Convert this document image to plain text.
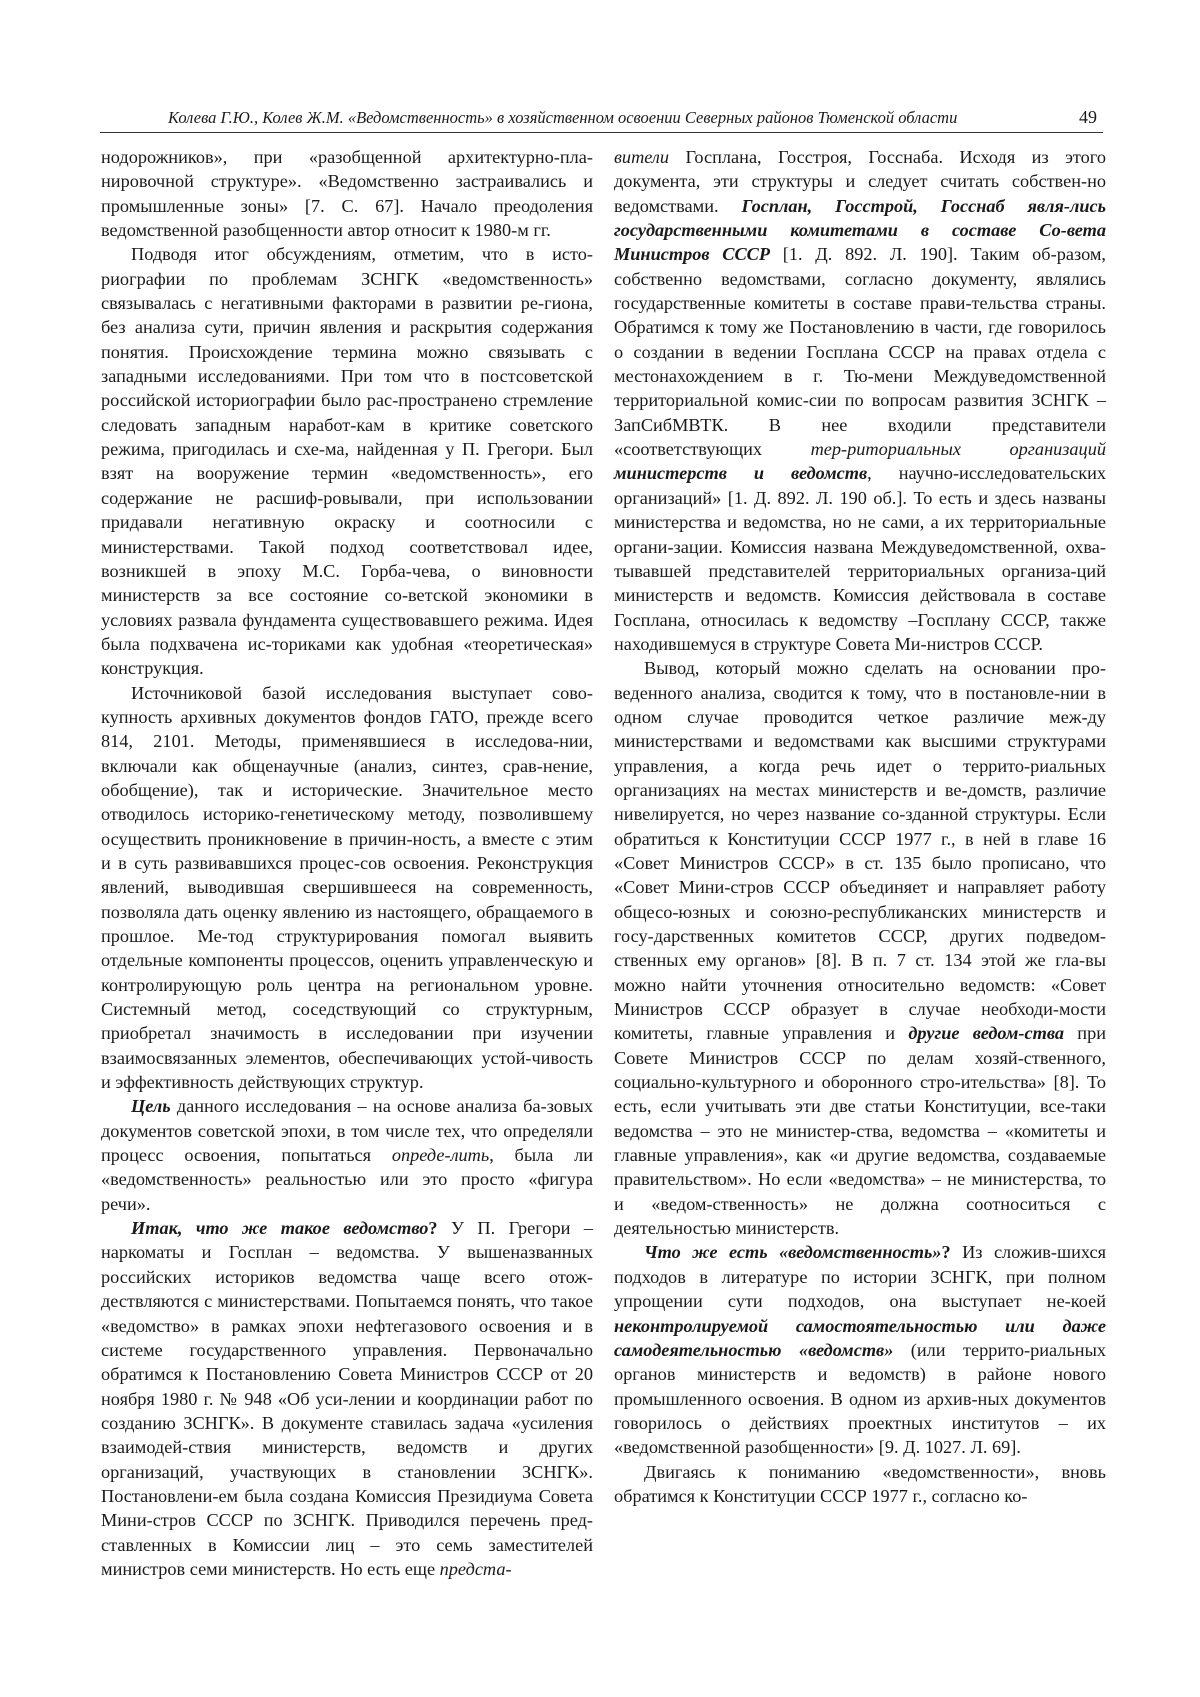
Колева Г.Ю., Колев Ж.М. «Ведомственность» в хозяйственном освоении Северных районов Тюменской области	49

нодорожников», при «разобщенной архитектурно-пла-нировочной структуре». «Ведомственно застраивались и промышленные зоны» [7. С. 67]. Начало преодоления ведомственной разобщенности автор относит к 1980-м гг.

Подводя итог обсуждениям, отметим, что в исто-риографии по проблемам ЗСНГК «ведомственность» связывалась с негативными факторами в развитии ре-гиона, без анализа сути, причин явления и раскрытия содержания понятия. Происхождение термина можно связывать с западными исследованиями. При том что в постсоветской российской историографии было рас-пространено стремление следовать западным наработ-кам в критике советского режима, пригодилась и схе-ма, найденная у П. Грегори. Был взят на вооружение термин «ведомственность», его содержание не расшиф-ровывали, при использовании придавали негативную окраску и соотносили с министерствами. Такой подход соответствовал идее, возникшей в эпоху М.С. Горба-чева, о виновности министерств за все состояние со-ветской экономики в условиях развала фундамента существовавшего режима. Идея была подхвачена ис-ториками как удобная «теоретическая» конструкция.

Источниковой базой исследования выступает сово-купность архивных документов фондов ГАТО, прежде всего 814, 2101. Методы, применявшиеся в исследова-нии, включали как общенаучные (анализ, синтез, срав-нение, обобщение), так и исторические. Значительное место отводилось историко-генетическому методу, позволившему осуществить проникновение в причин-ность, а вместе с этим и в суть развивавшихся процес-сов освоения. Реконструкция явлений, выводившая свершившееся на современность, позволяла дать оценку явлению из настоящего, обращаемого в прошлое. Ме-тод структурирования помогал выявить отдельные компоненты процессов, оценить управленческую и контролирующую роль центра на региональном уровне. Системный метод, соседствующий со структурным, приобретал значимость в исследовании при изучении взаимосвязанных элементов, обеспечивающих устой-чивость и эффективность действующих структур.

Цель данного исследования – на основе анализа ба-зовых документов советской эпохи, в том числе тех, что определяли процесс освоения, попытаться опреде-лить, была ли «ведомственность» реальностью или это просто «фигура речи».

Итак, что же такое ведомство? У П. Грегори – наркоматы и Госплан – ведомства. У вышеназванных российских историков ведомства чаще всего отож-дествляются с министерствами. Попытаемся понять, что такое «ведомство» в рамках эпохи нефтегазового освоения и в системе государственного управления. Первоначально обратимся к Постановлению Совета Министров СССР от 20 ноября 1980 г. № 948 «Об уси-лении и координации работ по созданию ЗСНГК». В документе ставилась задача «усиления взаимодей-ствия министерств, ведомств и других организаций, участвующих в становлении ЗСНГК». Постановлени-ем была создана Комиссия Президиума Совета Мини-стров СССР по ЗСНГК. Приводился перечень пред-ставленных в Комиссии лиц – это семь заместителей министров семи министерств. Но есть еще предста-

вители Госплана, Госстроя, Госснаба. Исходя из этого документа, эти структуры и следует считать собствен-но ведомствами. Госплан, Госстрой, Госснаб явля-лись государственными комитетами в составе Со-вета Министров СССР [1. Д. 892. Л. 190]. Таким об-разом, собственно ведомствами, согласно документу, являлись государственные комитеты в составе прави-тельства страны. Обратимся к тому же Постановлению в части, где говорилось о создании в ведении Госплана СССР на правах отдела с местонахождением в г. Тю-мени Междуведомственной территориальной комис-сии по вопросам развития ЗСНГК – ЗапСибМВТК. В нее входили представители «соответствующих тер-риториальных организаций министерств и ведомств, научно-исследовательских организаций» [1. Д. 892. Л. 190 об.]. То есть и здесь названы министерства и ведомства, но не сами, а их территориальные органи-зации. Комиссия названа Междуведомственной, охва-тывавшей представителей территориальных организа-ций министерств и ведомств. Комиссия действовала в составе Госплана, относилась к ведомству –Госплану СССР, также находившемуся в структуре Совета Ми-нистров СССР.

Вывод, который можно сделать на основании про-веденного анализа, сводится к тому, что в постановле-нии в одном случае проводится четкое различие меж-ду министерствами и ведомствами как высшими структурами управления, а когда речь идет о террито-риальных организациях на местах министерств и ве-домств, различие нивелируется, но через название со-зданной структуры. Если обратиться к Конституции СССР 1977 г., в ней в главе 16 «Совет Министров СССР» в ст. 135 было прописано, что «Совет Мини-стров СССР объединяет и направляет работу общесо-юзных и союзно-республиканских министерств и госу-дарственных комитетов СССР, других подведом-ственных ему органов» [8]. В п. 7 ст. 134 этой же гла-вы можно найти уточнения относительно ведомств: «Совет Министров СССР образует в случае необходи-мости комитеты, главные управления и другие ведом-ства при Совете Министров СССР по делам хозяй-ственного, социально-культурного и оборонного стро-ительства» [8]. То есть, если учитывать эти две статьи Конституции, все-таки ведомства – это не министер-ства, ведомства – «комитеты и главные управления», как «и другие ведомства, создаваемые правительством». Но если «ведомства» – не министерства, то и «ведом-ственность» не должна соотноситься с деятельностью министерств.

Что же есть «ведомственность»? Из сложив-шихся подходов в литературе по истории ЗСНГК, при полном упрощении сути подходов, она выступает не-коей неконтролируемой самостоятельностью или даже самодеятельностью «ведомств» (или террито-риальных органов министерств и ведомств) в районе нового промышленного освоения. В одном из архив-ных документов говорилось о действиях проектных институтов – их «ведомственной разобщенности» [9. Д. 1027. Л. 69].

Двигаясь к пониманию «ведомственности», вновь обратимся к Конституции СССР 1977 г., согласно ко-
